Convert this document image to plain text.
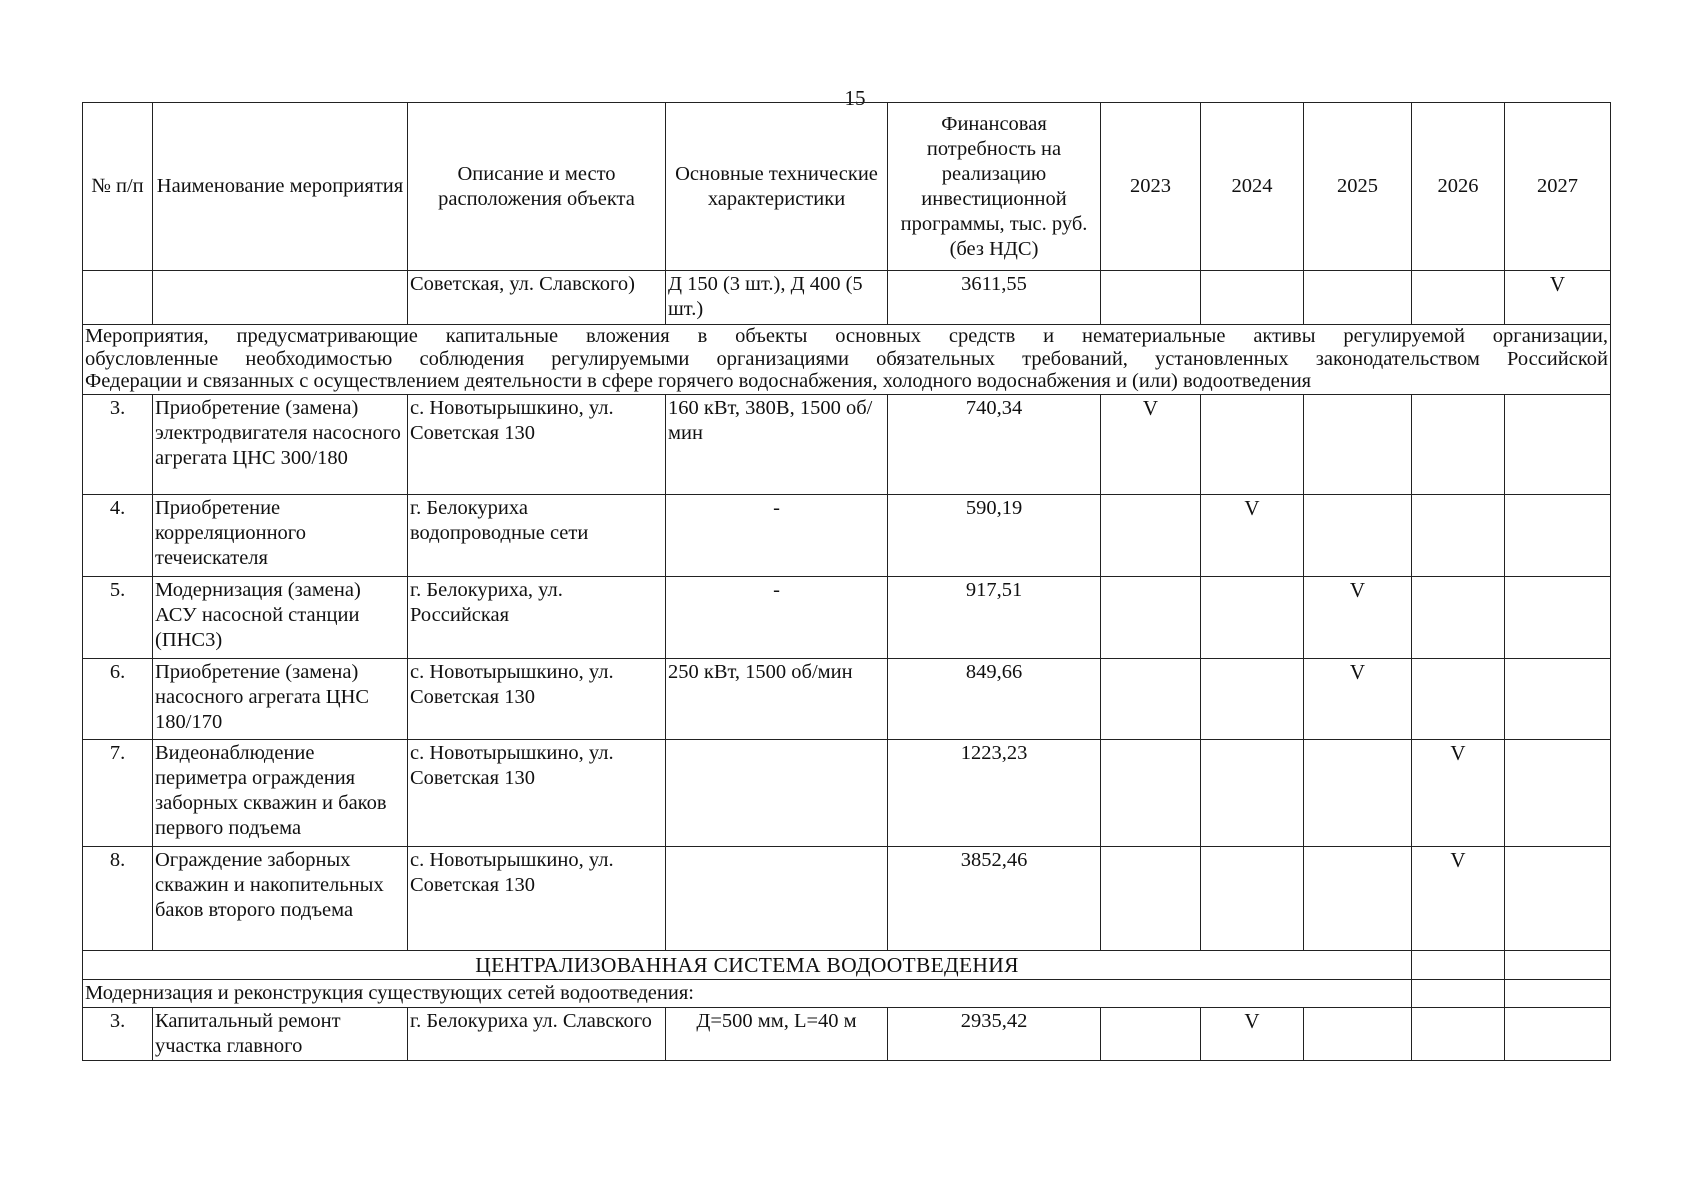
15
№ п/п	Наименование мероприятия	Описание и место расположения объекта	Основные технические характеристики	Финансовая потребность на реализацию инвестиционной программы, тыс. руб. (без НДС)	2023	2024	2025	2026	2027
		Советская, ул. Славского)	Д 150 (3 шт.), Д 400 (5 шт.)	3611,55					V

Мероприятия, предусматривающие капитальные вложения в объекты основных средств и нематериальные активы регулируемой организации,
обусловленные необходимостью соблюдения регулируемыми организациями обязательных требований, установленных законодательством Российской
Федерации и связанных с осуществлением деятельности в сфере горячего водоснабжения, холодного водоснабжения и (или) водоотведения									

3.	Приобретение (замена) электродвигателя насосного агрегата ЦНС 300/180	с. Новотырышкино, ул. Советская 130	160 кВт, 380В, 1500 об/мин	740,34	V				
4.	Приобретение корреляционного течеискателя	г. Белокуриха водопроводные сети	-	590,19		V			
5.	Модернизация (замена) АСУ насосной станции (ПНС3)	г. Белокуриха, ул. Российская	-	917,51			V		
6.	Приобретение (замена) насосного агрегата ЦНС 180/170	с. Новотырышкино, ул. Советская 130	250 кВт, 1500 об/мин	849,66			V		
7.	Видеонаблюдение периметра ограждения заборных скважин и баков первого подъема	с. Новотырышкино, ул. Советская 130		1223,23				V	
8.	Ограждение заборных скважин и накопительных баков второго подъема	с. Новотырышкино, ул. Советская 130		3852,46				V	
ЦЕНТРАЛИЗОВАННАЯ СИСТЕМА ВОДООТВЕДЕНИЯ									
Модернизация и реконструкция существующих сетей водоотведения:									
3.	Капитальный ремонт участка главного	г. Белокуриха ул. Славского	Д=500 мм, L=40 м	2935,42		V			
